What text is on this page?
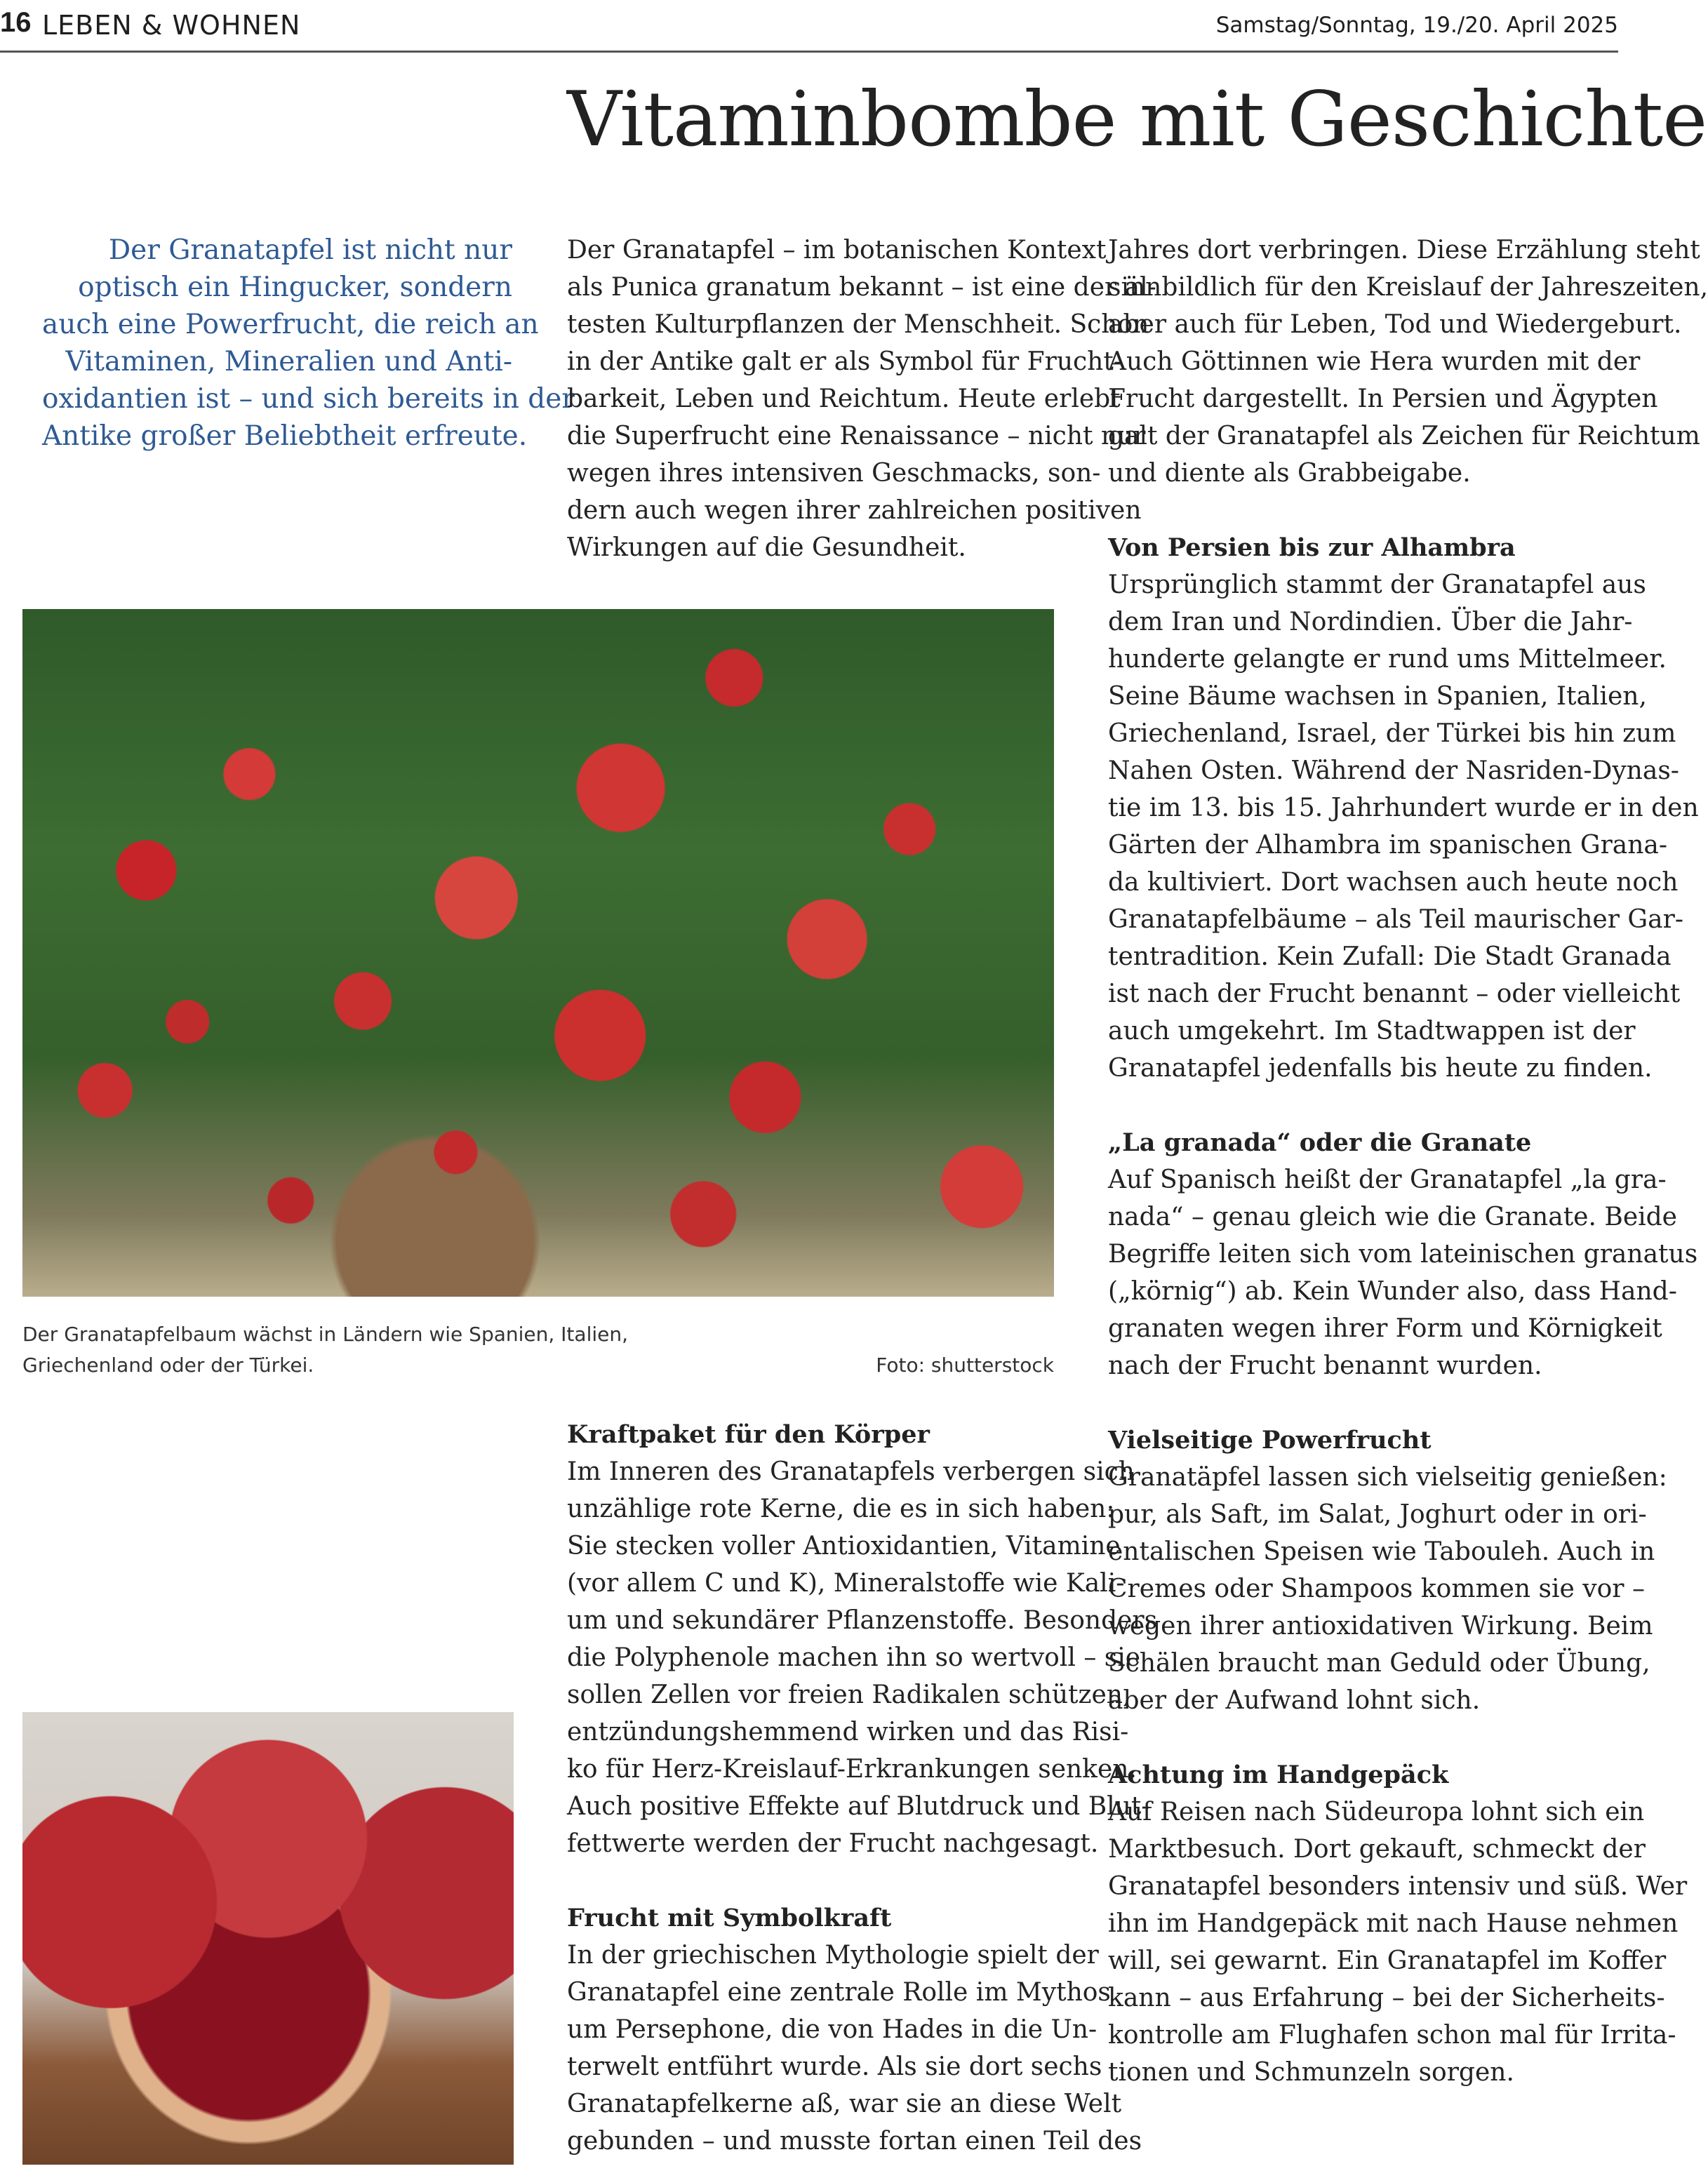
16 LEBEN & WOHNEN	Samstag/Sonntag, 19./20. April 2025
Vitaminbombe mit Geschichte
Der Granatapfel ist nicht nur
optisch ein Hingucker, sondern
auch eine Powerfrucht, die reich an
Vitaminen, Mineralien und Anti-
oxidantien ist – und sich bereits in der
Antike großer Beliebtheit erfreute.
Der Granatapfel – im botanischen Kontext
als Punica granatum bekannt – ist eine der äl-
testen Kulturpflanzen der Menschheit. Schon
in der Antike galt er als Symbol für Frucht-
barkeit, Leben und Reichtum. Heute erlebt
die Superfrucht eine Renaissance – nicht nur
wegen ihres intensiven Geschmacks, son-
dern auch wegen ihrer zahlreichen positiven
Wirkungen auf die Gesundheit.
Der Granatapfelbaum wächst in Ländern wie Spanien, Italien,
Griechenland oder der Türkei.	Foto: shutterstock
Kraftpaket für den Körper
Im Inneren des Granatapfels verbergen sich
unzählige rote Kerne, die es in sich haben:
Sie stecken voller Antioxidantien, Vitamine
(vor allem C und K), Mineralstoffe wie Kali-
um und sekundärer Pflanzenstoffe. Besonders
die Polyphenole machen ihn so wertvoll – sie
sollen Zellen vor freien Radikalen schützen,
entzündungshemmend wirken und das Risi-
ko für Herz-Kreislauf-Erkrankungen senken.
Auch positive Effekte auf Blutdruck und Blut-
fettwerte werden der Frucht nachgesagt.
Frucht mit Symbolkraft
In der griechischen Mythologie spielt der
Granatapfel eine zentrale Rolle im Mythos
um Persephone, die von Hades in die Un-
terwelt entführt wurde. Als sie dort sechs
Granatapfelkerne aß, war sie an diese Welt
gebunden – und musste fortan einen Teil des
Jahres dort verbringen. Diese Erzählung steht
sinnbildlich für den Kreislauf der Jahreszeiten,
aber auch für Leben, Tod und Wiedergeburt.
Auch Göttinnen wie Hera wurden mit der
Frucht dargestellt. In Persien und Ägypten
galt der Granatapfel als Zeichen für Reichtum
und diente als Grabbeigabe.
Von Persien bis zur Alhambra
Ursprünglich stammt der Granatapfel aus
dem Iran und Nordindien. Über die Jahr-
hunderte gelangte er rund ums Mittelmeer.
Seine Bäume wachsen in Spanien, Italien,
Griechenland, Israel, der Türkei bis hin zum
Nahen Osten. Während der Nasriden-Dynas-
tie im 13. bis 15. Jahrhundert wurde er in den
Gärten der Alhambra im spanischen Grana-
da kultiviert. Dort wachsen auch heute noch
Granatapfelbäume – als Teil maurischer Gar-
tentradition. Kein Zufall: Die Stadt Granada
ist nach der Frucht benannt – oder vielleicht
auch umgekehrt. Im Stadtwappen ist der
Granatapfel jedenfalls bis heute zu finden.
„La granada“ oder die Granate
Auf Spanisch heißt der Granatapfel „la gra-
nada“ – genau gleich wie die Granate. Beide
Begriffe leiten sich vom lateinischen granatus
(„körnig“) ab. Kein Wunder also, dass Hand-
granaten wegen ihrer Form und Körnigkeit
nach der Frucht benannt wurden.
Vielseitige Powerfrucht
Granatäpfel lassen sich vielseitig genießen:
pur, als Saft, im Salat, Joghurt oder in ori-
entalischen Speisen wie Tabouleh. Auch in
Cremes oder Shampoos kommen sie vor –
wegen ihrer antioxidativen Wirkung. Beim
Schälen braucht man Geduld oder Übung,
aber der Aufwand lohnt sich.
Achtung im Handgepäck
Auf Reisen nach Südeuropa lohnt sich ein
Marktbesuch. Dort gekauft, schmeckt der
Granatapfel besonders intensiv und süß. Wer
ihn im Handgepäck mit nach Hause nehmen
will, sei gewarnt. Ein Granatapfel im Koffer
kann – aus Erfahrung – bei der Sicherheits-
kontrolle am Flughafen schon mal für Irrita-
tionen und Schmunzeln sorgen.
